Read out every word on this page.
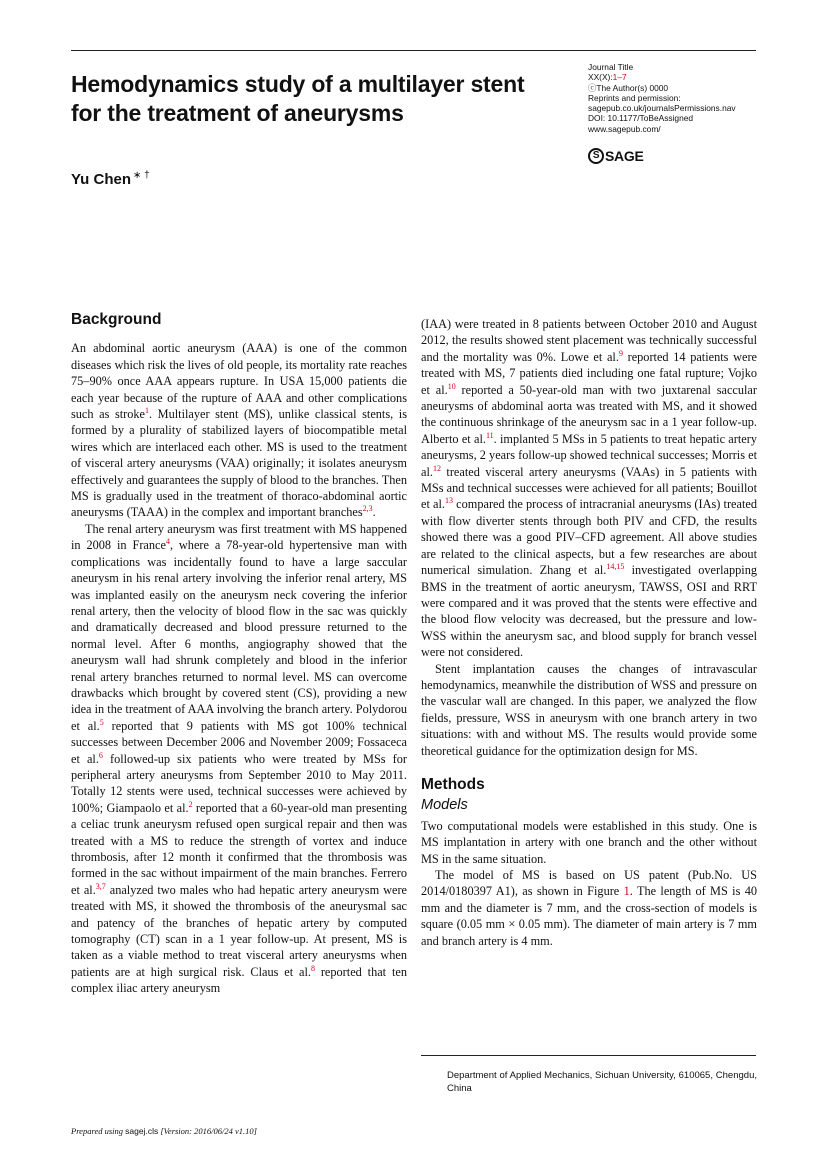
Hemodynamics study of a multilayer stent for the treatment of aneurysms
Yu Chen ∗ †
Journal Title
XX(X):1–7
ⓒThe Author(s) 0000
Reprints and permission:
sagepub.co.uk/journalsPermissions.nav
DOI: 10.1177/ToBeAssigned
www.sagepub.com/
S SAGE
Background

An abdominal aortic aneurysm (AAA) is one of the common diseases which risk the lives of old people, its mortality rate reaches 75–90% once AAA appears rupture. In USA 15,000 patients die each year because of the rupture of AAA and other complications such as stroke$^1$. Multilayer stent (MS), unlike classical stents, is formed by a plurality of stabilized layers of biocompatible metal wires which are interlaced each other. MS is used to the treatment of visceral artery aneurysms (VAA) originally; it isolates aneurysm effectively and guarantees the supply of blood to the branches. Then MS is gradually used in the treatment of thoraco-abdominal aortic aneurysms (TAAA) in the complex and important branches$^{2,3}$.

The renal artery aneurysm was first treatment with MS happened in 2008 in France$^4$, where a 78-year-old hypertensive man with complications was incidentally found to have a large saccular aneurysm in his renal artery involving the inferior renal artery, MS was implanted easily on the aneurysm neck covering the inferior renal artery, then the velocity of blood flow in the sac was quickly and dramatically decreased and blood pressure returned to the normal level. After 6 months, angiography showed that the aneurysm wall had shrunk completely and blood in the inferior renal artery branches returned to normal level. MS can overcome drawbacks which brought by covered stent (CS), providing a new idea in the treatment of AAA involving the branch artery. Polydorou et al.$^5$ reported that 9 patients with MS got 100% technical successes between December 2006 and November 2009; Fossaceca et al.$^6$ followed-up six patients who were treated by MSs for peripheral artery aneurysms from September 2010 to May 2011. Totally 12 stents were used, technical successes were achieved by 100%; Giampaolo et al.$^2$ reported that a 60-year-old man presenting a celiac trunk aneurysm refused open surgical repair and then was treated with a MS to reduce the strength of vortex and induce thrombosis, after 12 month it confirmed that the thrombosis was formed in the sac without impairment of the main branches. Ferrero et al.$^{3,7}$ analyzed two males who had hepatic artery aneurysm were treated with MS, it showed the thrombosis of the aneurysmal sac and patency of the branches of hepatic artery by computed tomography (CT) scan in a 1 year follow-up. At present, MS is taken as a viable method to treat visceral artery aneurysms when patients are at high surgical risk. Claus et al.$^8$ reported that ten complex iliac artery aneurysm

(IAA) were treated in 8 patients between October 2010 and August 2012, the results showed stent placement was technically successful and the mortality was 0%. Lowe et al.$^9$ reported 14 patients were treated with MS, 7 patients died including one fatal rupture; Vojko et al.$^{10}$ reported a 50-year-old man with two juxtarenal saccular aneurysms of abdominal aorta was treated with MS, and it showed the continuous shrinkage of the aneurysm sac in a 1 year follow-up. Alberto et al.$^{11}$. implanted 5 MSs in 5 patients to treat hepatic artery aneurysms, 2 years follow-up showed technical successes; Morris et al.$^{12}$ treated visceral artery aneurysms (VAAs) in 5 patients with MSs and technical successes were achieved for all patients; Bouillot et al.$^{13}$ compared the process of intracranial aneurysms (IAs) treated with flow diverter stents through both PIV and CFD, the results showed there was a good PIV–CFD agreement. All above studies are related to the clinical aspects, but a few researches are about numerical simulation. Zhang et al.$^{14,15}$ investigated overlapping BMS in the treatment of aortic aneurysm, TAWSS, OSI and RRT were compared and it was proved that the stents were effective and the blood flow velocity was decreased, but the pressure and low-WSS within the aneurysm sac, and blood supply for branch vessel were not considered.

Stent implantation causes the changes of intravascular hemodynamics, meanwhile the distribution of WSS and pressure on the vascular wall are changed. In this paper, we analyzed the flow fields, pressure, WSS in aneurysm with one branch artery in two situations: with and without MS. The results would provide some theoretical guidance for the optimization design for MS.

Methods
Models

Two computational models were established in this study. One is MS implantation in artery with one branch and the other without MS in the same situation.

The model of MS is based on US patent (Pub.No. US 2014/0180397 A1), as shown in Figure 1. The length of MS is 40 mm and the diameter is 7 mm, and the cross-section of models is square (0.05 mm × 0.05 mm). The diameter of main artery is 7 mm and branch artery is 4 mm.

Department of Applied Mechanics, Sichuan University, 610065, Chengdu, China
Prepared using sagej.cls [Version: 2016/06/24 v1.10]
